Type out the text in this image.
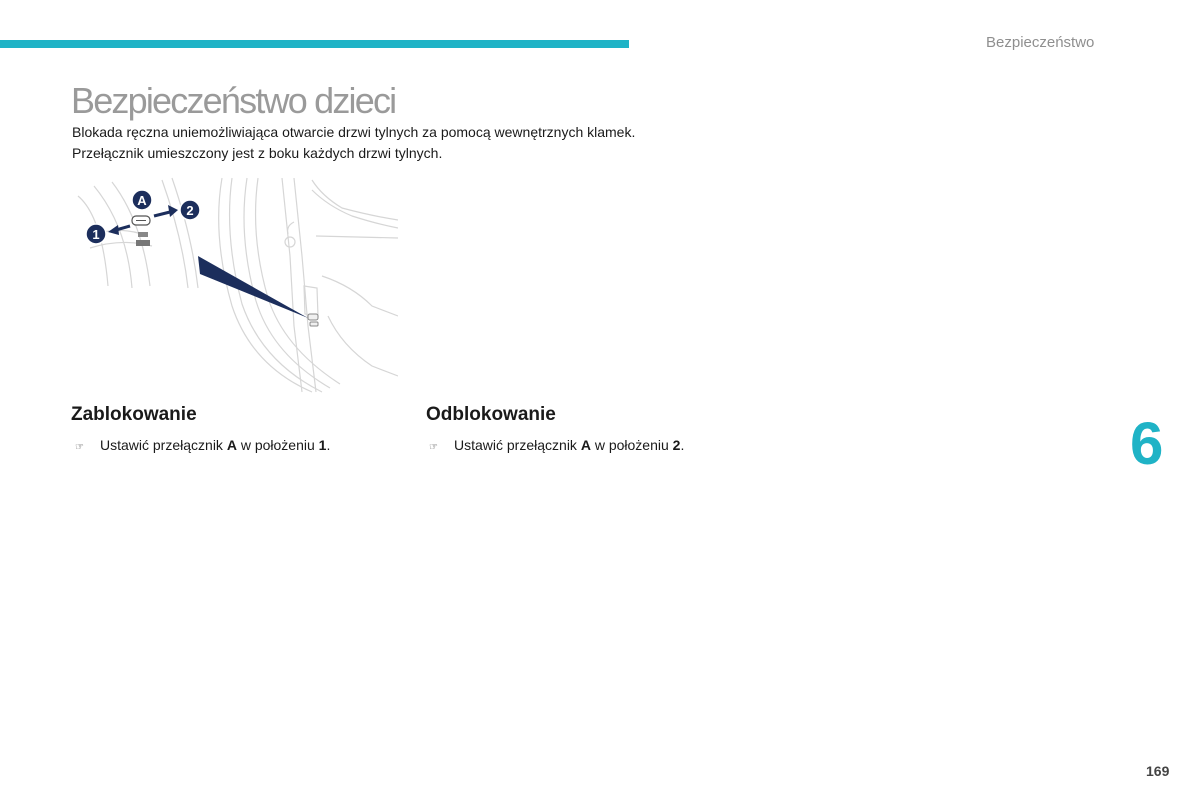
Bezpieczeństwo
Bezpieczeństwo dzieci

Blokada ręczna uniemożliwiająca otwarcie drzwi tylnych za pomocą wewnętrznych klamek.

Przełącznik umieszczony jest z boku każdych drzwi tylnych.

A
1
2
Zablokowanie
☞ Ustawić przełącznik A w położeniu 1.
Odblokowanie
☞ Ustawić przełącznik A w położeniu 2.	6
169
